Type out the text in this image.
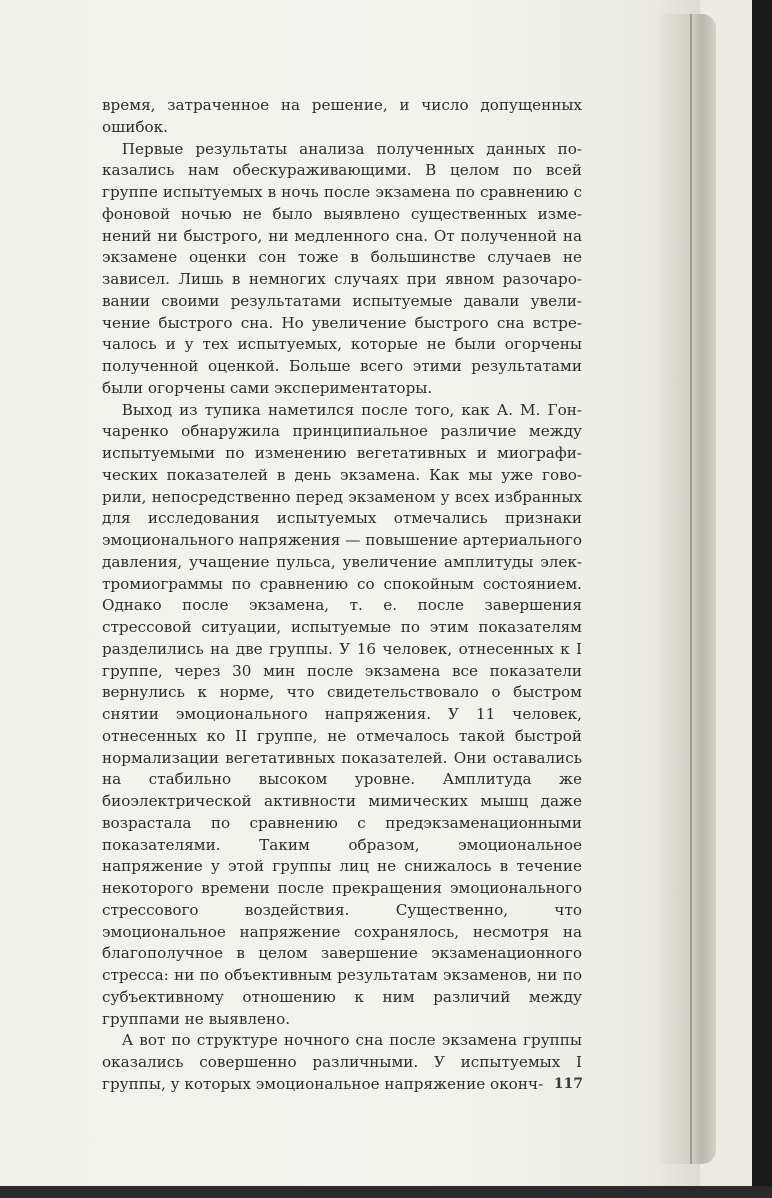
время, затраченное на решение, и число допущенных ошибок.

Первые результаты анализа полученных данных показались нам обескураживающими. В целом по всей группе испытуемых в ночь после экзамена по сравнению с фоновой ночью не было выявлено существенных изменений ни быстрого, ни медленного сна. От полученной на экзамене оценки сон тоже в большинстве случаев не зависел. Лишь в немногих случаях при явном разочаровании своими результатами испытуемые давали увеличение быстрого сна. Но увеличение быстрого сна встречалось и у тех испытуемых, которые не были огорчены полученной оценкой. Больше всего этими результатами были огорчены сами экспериментаторы.

Выход из тупика наметился после того, как А. М. Гончаренко обнаружила принципиальное различие между испытуемыми по изменению вегетативных и миографических показателей в день экзамена. Как мы уже говорили, непосредственно перед экзаменом у всех избранных для исследования испытуемых отмечались признаки эмоционального напряжения — повышение артериального давления, учащение пульса, увеличение амплитуды электромиограммы по сравнению со спокойным состоянием. Однако после экзамена, т. е. после завершения стрессовой ситуации, испытуемые по этим показателям разделились на две группы. У 16 человек, отнесенных к I группе, через 30 мин после экзамена все показатели вернулись к норме, что свидетельствовало о быстром снятии эмоционального напряжения. У 11 человек, отнесенных ко II группе, не отмечалось такой быстрой нормализации вегетативных показателей. Они оставались на стабильно высоком уровне. Амплитуда же биоэлектрической активности мимических мышц даже возрастала по сравнению с предэкзаменационными показателями. Таким образом, эмоциональное напряжение у этой группы лиц не снижалось в течение некоторого времени после прекращения эмоционального стрессового воздействия. Существенно, что эмоциональное напряжение сохранялось, несмотря на благополучное в целом завершение экзаменационного стресса: ни по объективным результатам экзаменов, ни по субъективному отношению к ним различий между группами не выявлено.

А вот по структуре ночного сна после экзамена группы оказались совершенно различными. У испытуемых I группы, у которых эмоциональное напряжение оконч- 117
